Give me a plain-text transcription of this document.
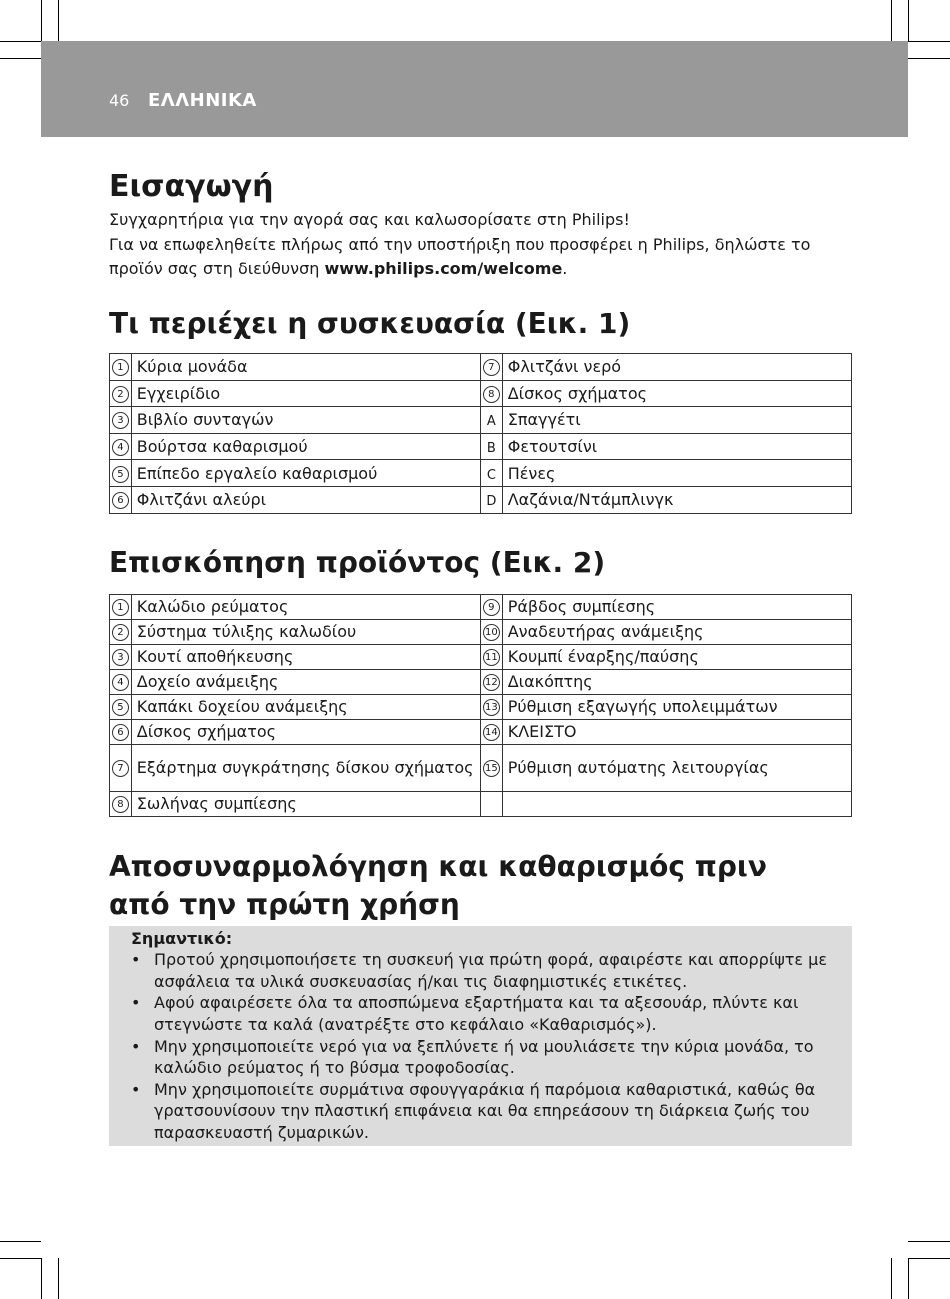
46 ΕΛΛΗΝΙΚΑ
Εισαγωγή

Συγχαρητήρια για την αγορά σας και καλωσορίσατε στη Philips!

Για να επωφεληθείτε πλήρως από την υποστήριξη που προσφέρει η Philips, δηλώστε το προϊόν σας στη διεύθυνση www.philips.com/welcome.

Τι περιέχει η συσκευασία (Εικ. 1)
1	Κύρια μονάδα	7	Φλιτζάνι νερό
2	Εγχειρίδιο	8	Δίσκος σχήματος
3	Βιβλίο συνταγών	A	Σπαγγέτι
4	Βούρτσα καθαρισμού	B	Φετουτσίνι
5	Επίπεδο εργαλείο καθαρισμού	C	Πένες
6	Φλιτζάνι αλεύρι	D	Λαζάνια/Ντάμπλινγκ
Επισκόπηση προϊόντος (Εικ. 2)
1	Καλώδιο ρεύματος	9	Ράβδος συμπίεσης
2	Σύστημα τύλιξης καλωδίου	10	Αναδευτήρας ανάμειξης
3	Κουτί αποθήκευσης	11	Κουμπί έναρξης/παύσης
4	Δοχείο ανάμειξης	12	Διακόπτης
5	Καπάκι δοχείου ανάμειξης	13	Ρύθμιση εξαγωγής υπολειμμάτων
6	Δίσκος σχήματος	14	ΚΛΕΙΣΤΟ
7	Εξάρτημα συγκράτησης δίσκου σχήματος	15	Ρύθμιση αυτόματης λειτουργίας
8	Σωλήνας συμπίεσης		
Αποσυναρμολόγηση και καθαρισμός πριν από την πρώτη χρήση

Σημαντικό:

• Προτού χρησιμοποιήσετε τη συσκευή για πρώτη φορά, αφαιρέστε και απορρίψτε με ασφάλεια τα υλικά συσκευασίας ή/και τις διαφημιστικές ετικέτες.
• Αφού αφαιρέσετε όλα τα αποσπώμενα εξαρτήματα και τα αξεσουάρ, πλύντε και στεγνώστε τα καλά (ανατρέξτε στο κεφάλαιο «Καθαρισμός»).
• Μην χρησιμοποιείτε νερό για να ξεπλύνετε ή να μουλιάσετε την κύρια μονάδα, το καλώδιο ρεύματος ή το βύσμα τροφοδοσίας.
• Μην χρησιμοποιείτε συρμάτινα σφουγγαράκια ή παρόμοια καθαριστικά, καθώς θα γρατσουνίσουν την πλαστική επιφάνεια και θα επηρεάσουν τη διάρκεια ζωής του παρασκευαστή ζυμαρικών.
